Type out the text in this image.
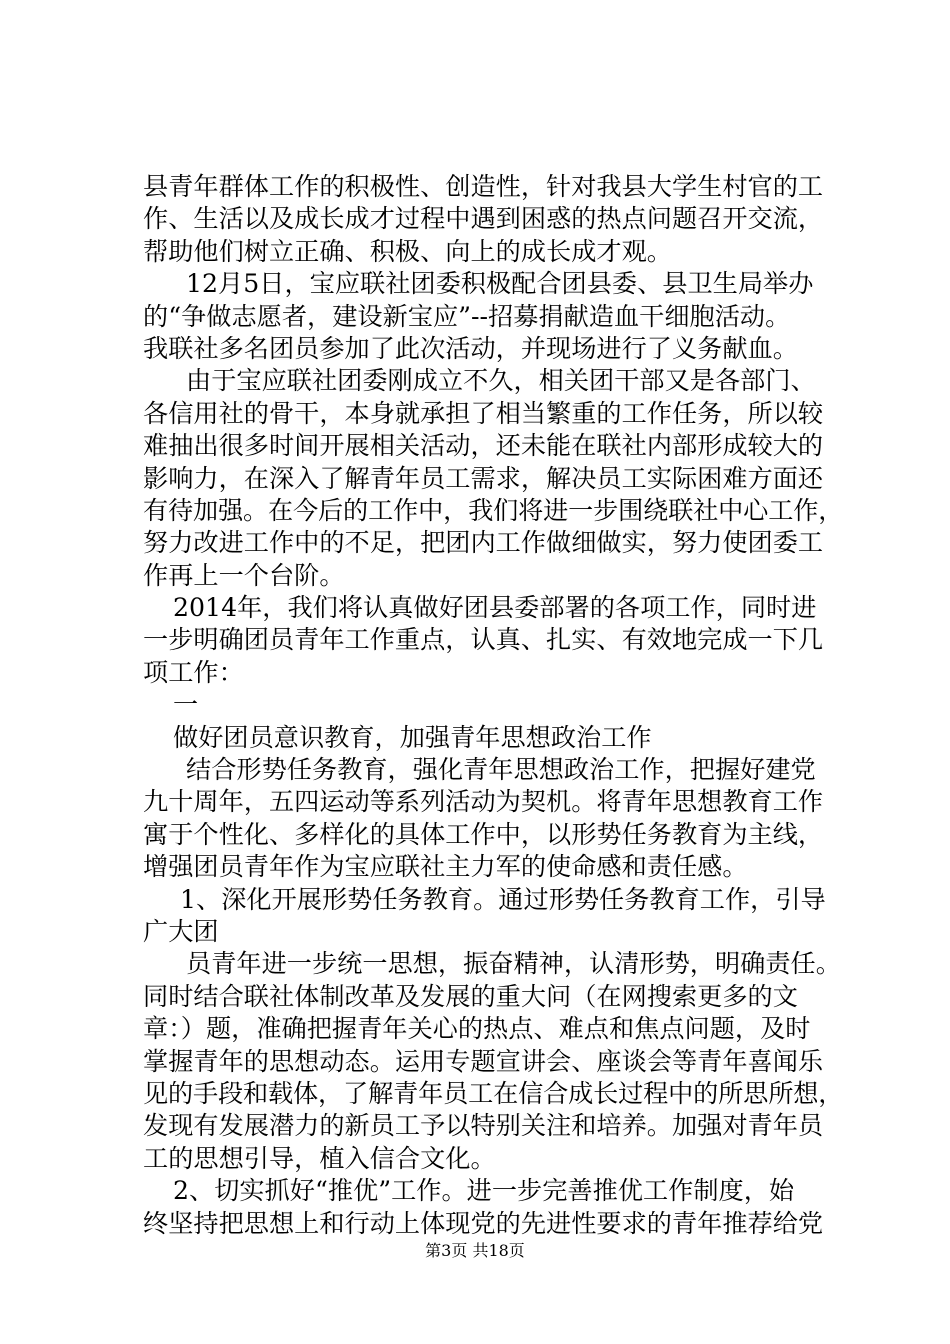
县青年群体工作的积极性、创造性，针对我县大学生村官的工
作、生活以及成长成才过程中遇到困惑的热点问题召开交流，
帮助他们树立正确、积极、向上的成长成才观。
12月5日，宝应联社团委积极配合团县委、县卫生局举办
的“争做志愿者，建设新宝应”--招募捐献造血干细胞活动。
我联社多名团员参加了此次活动，并现场进行了义务献血。
由于宝应联社团委刚成立不久，相关团干部又是各部门、
各信用社的骨干，本身就承担了相当繁重的工作任务，所以较
难抽出很多时间开展相关活动，还未能在联社内部形成较大的
影响力，在深入了解青年员工需求，解决员工实际困难方面还
有待加强。在今后的工作中，我们将进一步围绕联社中心工作，
努力改进工作中的不足，把团内工作做细做实，努力使团委工
作再上一个台阶。
2014年，我们将认真做好团县委部署的各项工作，同时进
一步明确团员青年工作重点，认真、扎实、有效地完成一下几
项工作：
一
做好团员意识教育，加强青年思想政治工作
结合形势任务教育，强化青年思想政治工作，把握好建党
九十周年，五四运动等系列活动为契机。将青年思想教育工作
寓于个性化、多样化的具体工作中，以形势任务教育为主线，
增强团员青年作为宝应联社主力军的使命感和责任感。
1、深化开展形势任务教育。通过形势任务教育工作，引导
广大团
员青年进一步统一思想，振奋精神，认清形势，明确责任。
同时结合联社体制改革及发展的重大问（在网搜索更多的文
章：）题，准确把握青年关心的热点、难点和焦点问题，及时
掌握青年的思想动态。运用专题宣讲会、座谈会等青年喜闻乐
见的手段和载体，了解青年员工在信合成长过程中的所思所想，
发现有发展潜力的新员工予以特别关注和培养。加强对青年员
工的思想引导，植入信合文化。
2、切实抓好“推优”工作。进一步完善推优工作制度，始
终坚持把思想上和行动上体现党的先进性要求的青年推荐给党
第3页 共18页
